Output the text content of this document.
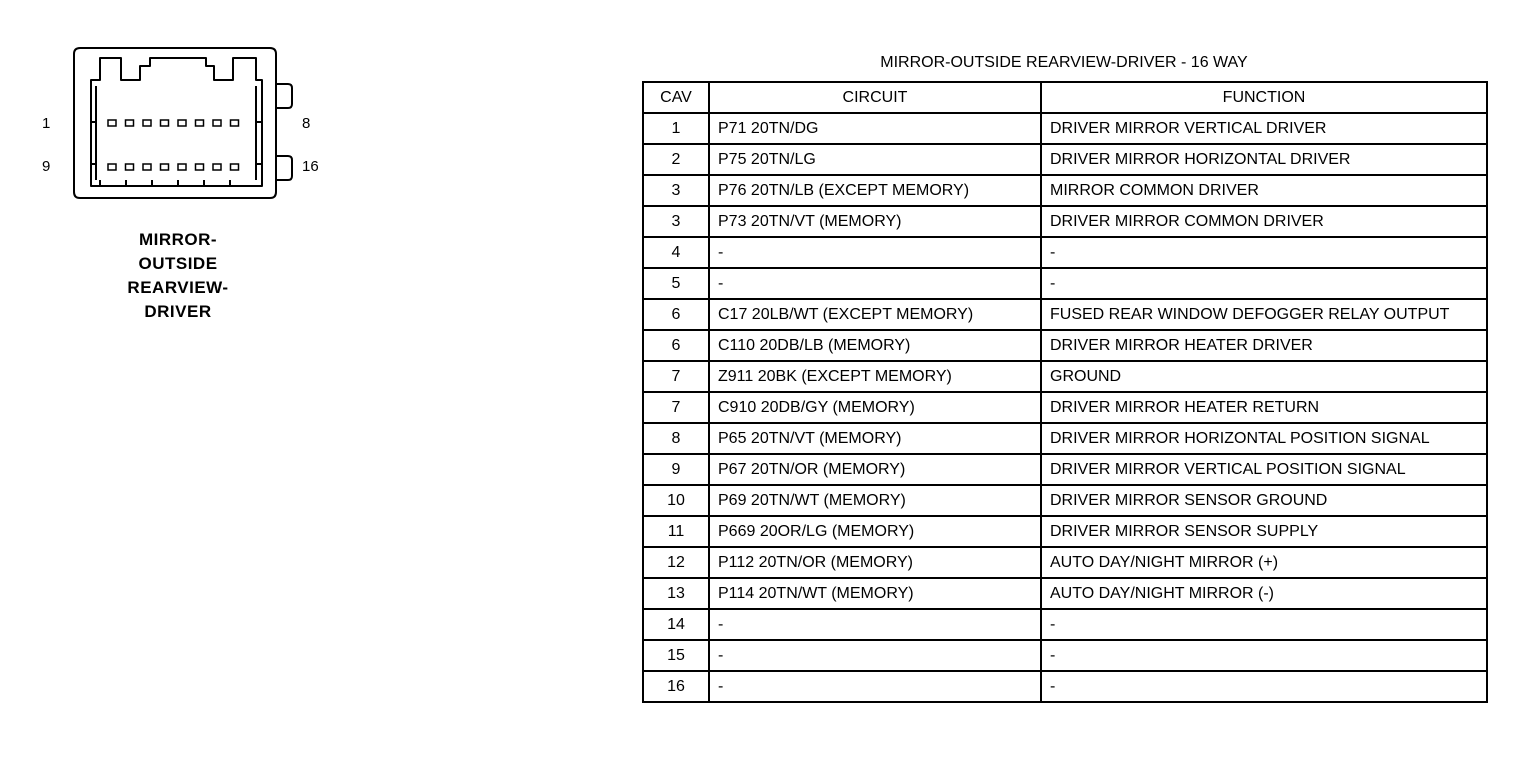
1	8
9	16
MIRROR-
OUTSIDE
REARVIEW-
DRIVER
MIRROR-OUTSIDE REARVIEW-DRIVER - 16 WAY
CAV	CIRCUIT	FUNCTION
1	P71 20TN/DG	DRIVER MIRROR VERTICAL DRIVER
2	P75 20TN/LG	DRIVER MIRROR HORIZONTAL DRIVER
3	P76 20TN/LB (EXCEPT MEMORY)	MIRROR COMMON DRIVER
3	P73 20TN/VT (MEMORY)	DRIVER MIRROR COMMON DRIVER
4	-	-
5	-	-
6	C17 20LB/WT (EXCEPT MEMORY)	FUSED REAR WINDOW DEFOGGER RELAY OUTPUT
6	C110 20DB/LB (MEMORY)	DRIVER MIRROR HEATER DRIVER
7	Z911 20BK (EXCEPT MEMORY)	GROUND
7	C910 20DB/GY (MEMORY)	DRIVER MIRROR HEATER RETURN
8	P65 20TN/VT (MEMORY)	DRIVER MIRROR HORIZONTAL POSITION SIGNAL
9	P67 20TN/OR (MEMORY)	DRIVER MIRROR VERTICAL POSITION SIGNAL
10	P69 20TN/WT (MEMORY)	DRIVER MIRROR SENSOR GROUND
11	P669 20OR/LG (MEMORY)	DRIVER MIRROR SENSOR SUPPLY
12	P112 20TN/OR (MEMORY)	AUTO DAY/NIGHT MIRROR (+)
13	P114 20TN/WT (MEMORY)	AUTO DAY/NIGHT MIRROR (-)
14	-	-
15	-	-
16	-	-
